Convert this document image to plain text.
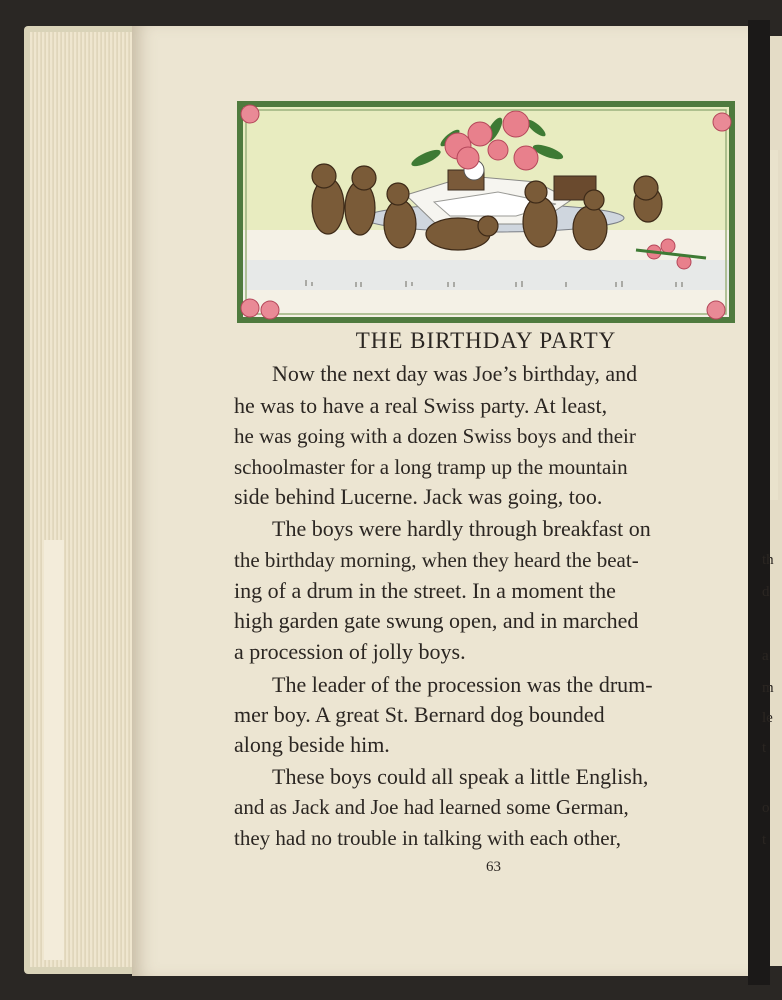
th
d
a
m
le
t
o
t
THE BIRTHDAY PARTY
Now the next day was Joe’s birthday, and
he was to have a real Swiss party. At least,
he was going with a dozen Swiss boys and their
schoolmaster for a long tramp up the mountain
side behind Lucerne. Jack was going, too.
The boys were hardly through breakfast on
the birthday morning, when they heard the beat-
ing of a drum in the street. In a moment the
high garden gate swung open, and in marched
a procession of jolly boys.
The leader of the procession was the drum-
mer boy. A great St. Bernard dog bounded
along beside him.
These boys could all speak a little English,
and as Jack and Joe had learned some German,
they had no trouble in talking with each other,
63
